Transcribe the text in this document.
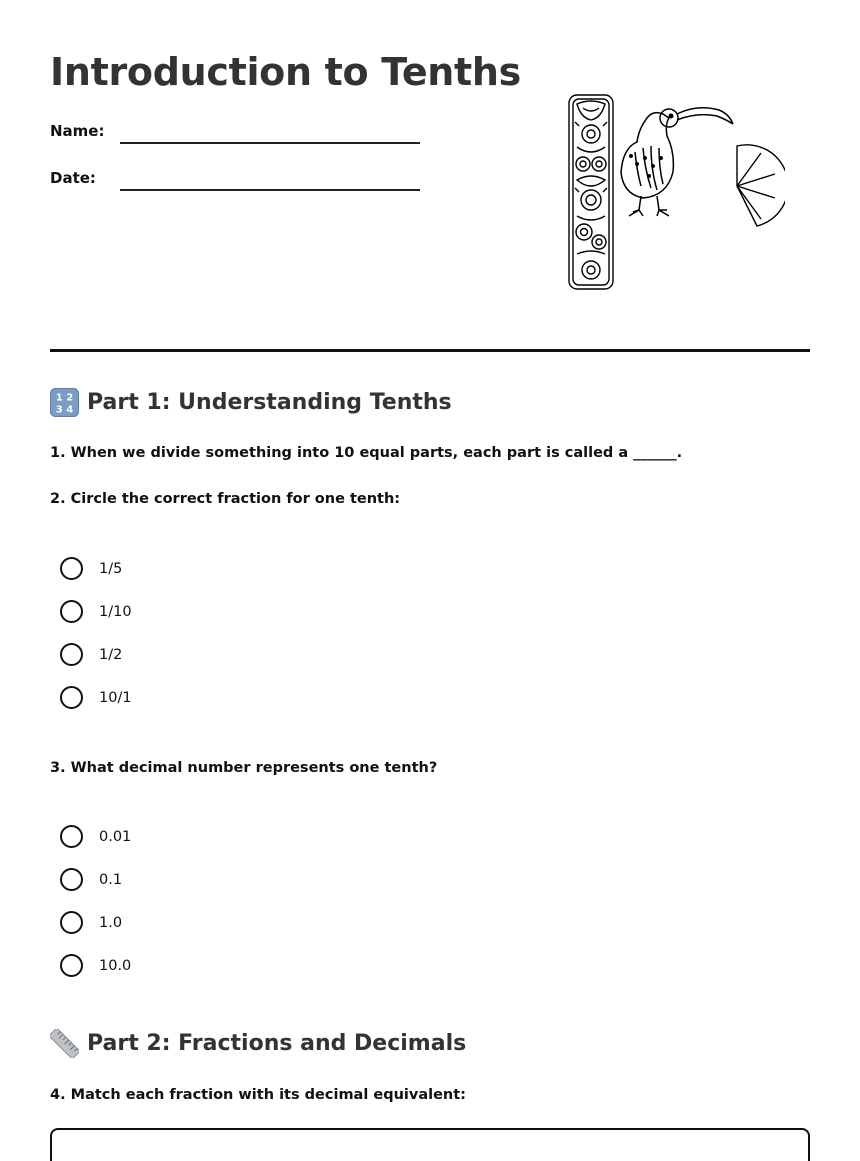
Introduction to Tenths
Name:
Date:
1 2
3 4 Part 1: Understanding Tenths
1. When we divide something into 10 equal parts, each part is called a ______.
2. Circle the correct fraction for one tenth:
1/5
1/10
1/2
10/1
3. What decimal number represents one tenth?
0.01
0.1
1.0
10.0
Part 2: Fractions and Decimals
4. Match each fraction with its decimal equivalent:
